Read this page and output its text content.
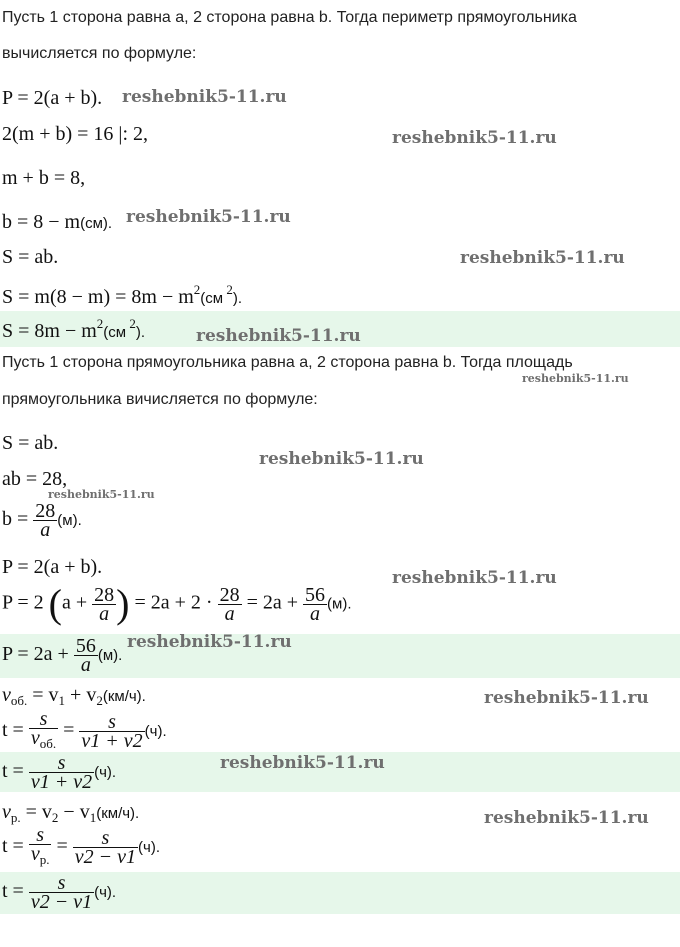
Пусть 1 сторона равна a, 2 сторона равна b. Тогда периметр прямоугольника
вычисляется по формуле:
P = 2(a + b).
2(m + b) = 16 |: 2,
m + b = 8,
b = 8 − m(см).
S = ab.
$S = m(8 - m) = 8m - m^2(см$ $^2$).
$S = 8m - m^2(см$ $^2$).
Пусть 1 сторона прямоугольника равна a, 2 сторона равна b. Тогда площадь
прямоугольника вичисляется по формуле:
S = ab.
ab = 28,
$b = \frac{28}{a} (м)$.
P = 2(a + b).
P = 2 ($a + \frac{28}{a}$ ) = $2a + 2 \cdot \frac{28}{a} = 2a + \frac{56}{a} (м)$.
$P = 2a + \frac{56}{a} (м)$.
$v_{об.} = v_1 + v_2(км/ч)$.
$t = \frac{s}{v_{об.}} = \frac{s}{v1 + v2} (ч)$.
$t = \frac{s}{v1 + v2} (ч)$.
$v_{р.} = v_2 - v_1(км/ч)$.
$t = \frac{s}{v_{р.}} = \frac{s}{v2 - v1} (ч)$.
$t = \frac{s}{v2 - v1} (ч)$.
reshebnik5-11.ru
reshebnik5-11.ru
reshebnik5-11.ru
reshebnik5-11.ru
reshebnik5-11.ru
reshebnik5-11.ru
reshebnik5-11.ru
reshebnik5-11.ru
reshebnik5-11.ru
reshebnik5-11.ru
reshebnik5-11.ru
reshebnik5-11.ru
reshebnik5-11.ru
